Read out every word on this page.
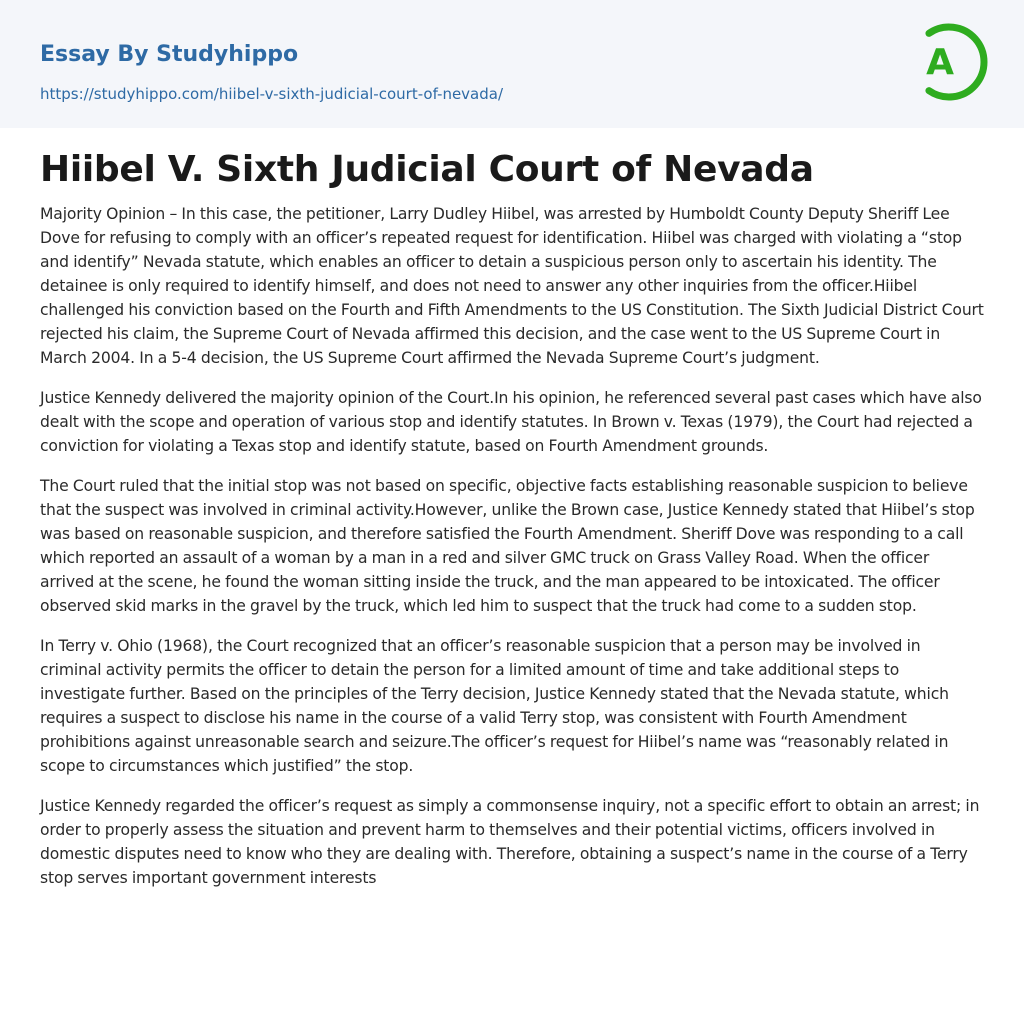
Essay By Studyhippo
https://studyhippo.com/hiibel-v-sixth-judicial-court-of-nevada/
A
Hiibel V. Sixth Judicial Court of Nevada

Majority Opinion – In this case, the petitioner, Larry Dudley Hiibel, was arrested by Humboldt County Deputy Sheriff Lee Dove for refusing to comply with an officer’s repeated request for identification. Hiibel was charged with violating a “stop and identify” Nevada statute, which enables an officer to detain a suspicious person only to ascertain his identity. The detainee is only required to identify himself, and does not need to answer any other inquiries from the officer.Hiibel challenged his conviction based on the Fourth and Fifth Amendments to the US Constitution. The Sixth Judicial District Court rejected his claim, the Supreme Court of Nevada affirmed this decision, and the case went to the US Supreme Court in March 2004. In a 5-4 decision, the US Supreme Court affirmed the Nevada Supreme Court’s judgment.

Justice Kennedy delivered the majority opinion of the Court.In his opinion, he referenced several past cases which have also dealt with the scope and operation of various stop and identify statutes. In Brown v. Texas (1979), the Court had rejected a conviction for violating a Texas stop and identify statute, based on Fourth Amendment grounds.

The Court ruled that the initial stop was not based on specific, objective facts establishing reasonable suspicion to believe that the suspect was involved in criminal activity.However, unlike the Brown case, Justice Kennedy stated that Hiibel’s stop was based on reasonable suspicion, and therefore satisfied the Fourth Amendment. Sheriff Dove was responding to a call which reported an assault of a woman by a man in a red and silver GMC truck on Grass Valley Road. When the officer arrived at the scene, he found the woman sitting inside the truck, and the man appeared to be intoxicated. The officer observed skid marks in the gravel by the truck, which led him to suspect that the truck had come to a sudden stop.

In Terry v. Ohio (1968), the Court recognized that an officer’s reasonable suspicion that a person may be involved in criminal activity permits the officer to detain the person for a limited amount of time and take additional steps to investigate further. Based on the principles of the Terry decision, Justice Kennedy stated that the Nevada statute, which requires a suspect to disclose his name in the course of a valid Terry stop, was consistent with Fourth Amendment prohibitions against unreasonable search and seizure.The officer’s request for Hiibel’s name was “reasonably related in scope to circumstances which justified” the stop.

Justice Kennedy regarded the officer’s request as simply a commonsense inquiry, not a specific effort to obtain an arrest; in order to properly assess the situation and prevent harm to themselves and their potential victims, officers involved in domestic disputes need to know who they are dealing with. Therefore, obtaining a suspect’s name in the course of a Terry stop serves important government interests
